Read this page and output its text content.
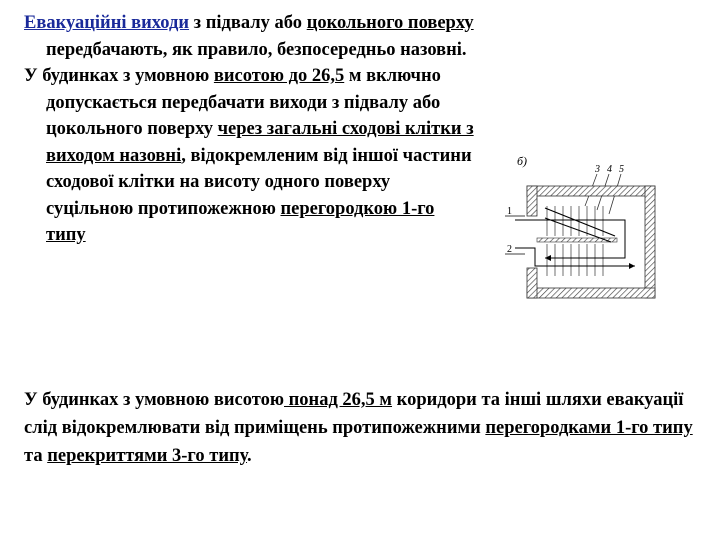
Евакуаційні виходи з підвалу або цокольного поверху передбачають, як правило, безпосередньо назовні.
У будинках з умовною висотою до 26,5 м включно допускається передбачати виходи з підвалу або цокольного поверху через загальні сходові клітки з виходом назовні, відокремленим від іншої частини сходової клітки на висоту одного поверху суцільною протипожежною перегородкою 1-го типу
б)
3 4 5
1
2

У будинках з умовною висотою понад 26,5 м коридори та інші шляхи евакуації слід відокремлювати від приміщень протипожежними перегородками 1-го типу та перекриттями 3-го типу.
